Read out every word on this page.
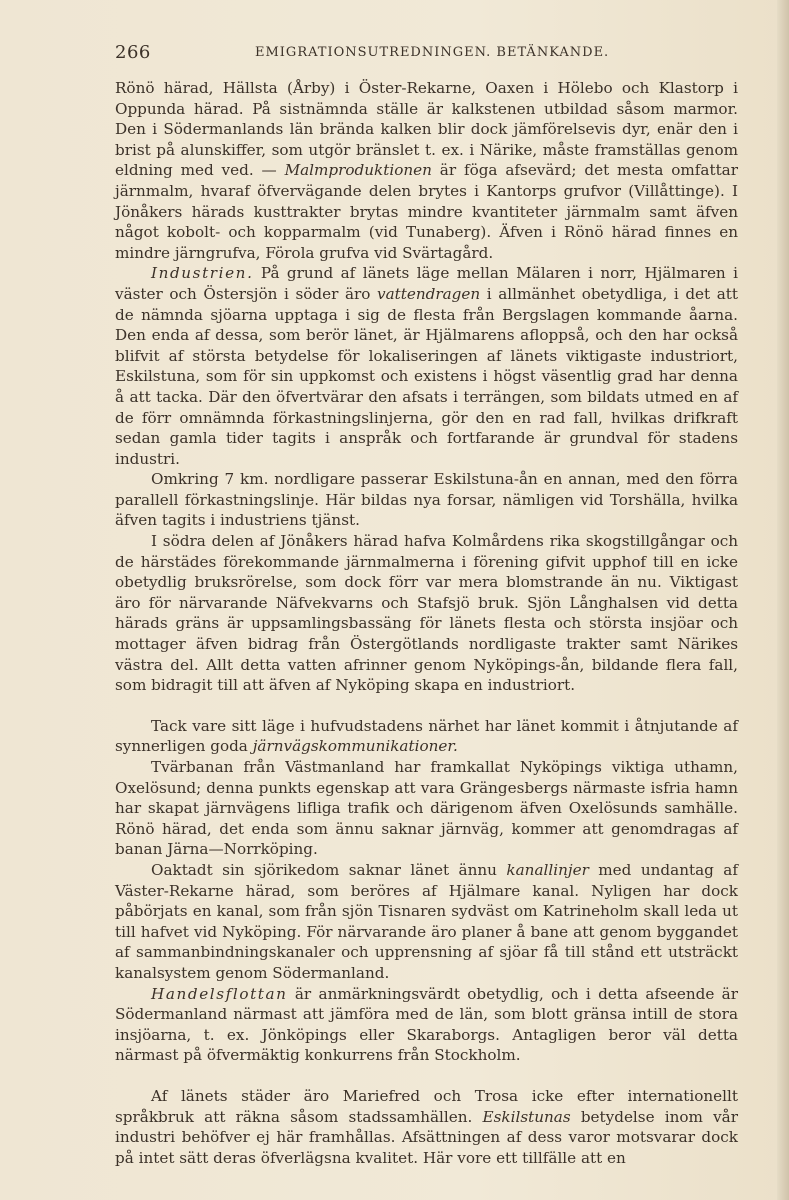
266	EMIGRATIONSUTREDNINGEN. BETÄNKANDE.

Rönö härad, Hällsta (Årby) i Öster-Rekarne, Oaxen i Hölebo och Klastorp i Oppunda härad. På sistnämnda ställe är kalkstenen utbildad såsom marmor. Den i Södermanlands län brända kalken blir dock jämförelsevis dyr, enär den i brist på alunskiffer, som utgör bränslet t. ex. i Närike, måste framställas genom eldning med ved. — Malmproduktionen är föga afsevärd; det mesta omfattar järnmalm, hvaraf öfvervägande delen brytes i Kantorps grufvor (Villåttinge). I Jönåkers härads kusttrakter brytas mindre kvantiteter järnmalm samt äfven något kobolt- och kopparmalm (vid Tunaberg). Äfven i Rönö härad finnes en mindre järngrufva, Förola grufva vid Svärtagård.

Industrien. På grund af länets läge mellan Mälaren i norr, Hjälmaren i väster och Östersjön i söder äro vattendragen i allmänhet obetydliga, i det att de nämnda sjöarna upptaga i sig de flesta från Bergslagen kommande åarna. Den enda af dessa, som berör länet, är Hjälmarens afloppså, och den har också blifvit af största betydelse för lokaliseringen af länets viktigaste industriort, Eskilstuna, som för sin uppkomst och existens i högst väsentlig grad har denna å att tacka. Där den öfvertvärar den afsats i terrängen, som bildats utmed en af de förr omnämnda förkastningslinjerna, gör den en rad fall, hvilkas drifkraft sedan gamla tider tagits i anspråk och fortfarande är grundval för stadens industri.

Omkring 7 km. nordligare passerar Eskilstuna-ån en annan, med den förra parallell förkastningslinje. Här bildas nya forsar, nämligen vid Torshälla, hvilka äfven tagits i industriens tjänst.

I södra delen af Jönåkers härad hafva Kolmårdens rika skogstillgångar och de härstädes förekommande järnmalmerna i förening gifvit upphof till en icke obetydlig bruksrörelse, som dock förr var mera blomstrande än nu. Viktigast äro för närvarande Näfvekvarns och Stafsjö bruk. Sjön Långhalsen vid detta härads gräns är uppsamlingsbassäng för länets flesta och största insjöar och mottager äfven bidrag från Östergötlands nordligaste trakter samt Närikes västra del. Allt detta vatten afrinner genom Nyköpings-ån, bildande flera fall, som bidragit till att äfven af Nyköping skapa en industriort.

Tack vare sitt läge i hufvudstadens närhet har länet kommit i åtnjutande af synnerligen goda järnvägskommunikationer.

Tvärbanan från Västmanland har framkallat Nyköpings viktiga uthamn, Oxelösund; denna punkts egenskap att vara Grängesbergs närmaste isfria hamn har skapat järnvägens lifliga trafik och därigenom äfven Oxelösunds samhälle. Rönö härad, det enda som ännu saknar järnväg, kommer att genomdragas af banan Järna—Norrköping.

Oaktadt sin sjörikedom saknar länet ännu kanallinjer med undantag af Väster-Rekarne härad, som beröres af Hjälmare kanal. Nyligen har dock påbörjats en kanal, som från sjön Tisnaren sydväst om Katrineholm skall leda ut till hafvet vid Nyköping. För närvarande äro planer å bane att genom byggandet af sammanbindningskanaler och upprensning af sjöar få till stånd ett utsträckt kanalsystem genom Södermanland.

Handelsflottan är anmärkningsvärdt obetydlig, och i detta afseende är Södermanland närmast att jämföra med de län, som blott gränsa intill de stora insjöarna, t. ex. Jönköpings eller Skaraborgs. Antagligen beror väl detta närmast på öfvermäktig konkurrens från Stockholm.

Af länets städer äro Mariefred och Trosa icke efter internationellt språkbruk att räkna såsom stadssamhällen. Eskilstunas betydelse inom vår industri behöfver ej här framhållas. Afsättningen af dess varor motsvarar dock på intet sätt deras öfverlägsna kvalitet. Här vore ett tillfälle att en
